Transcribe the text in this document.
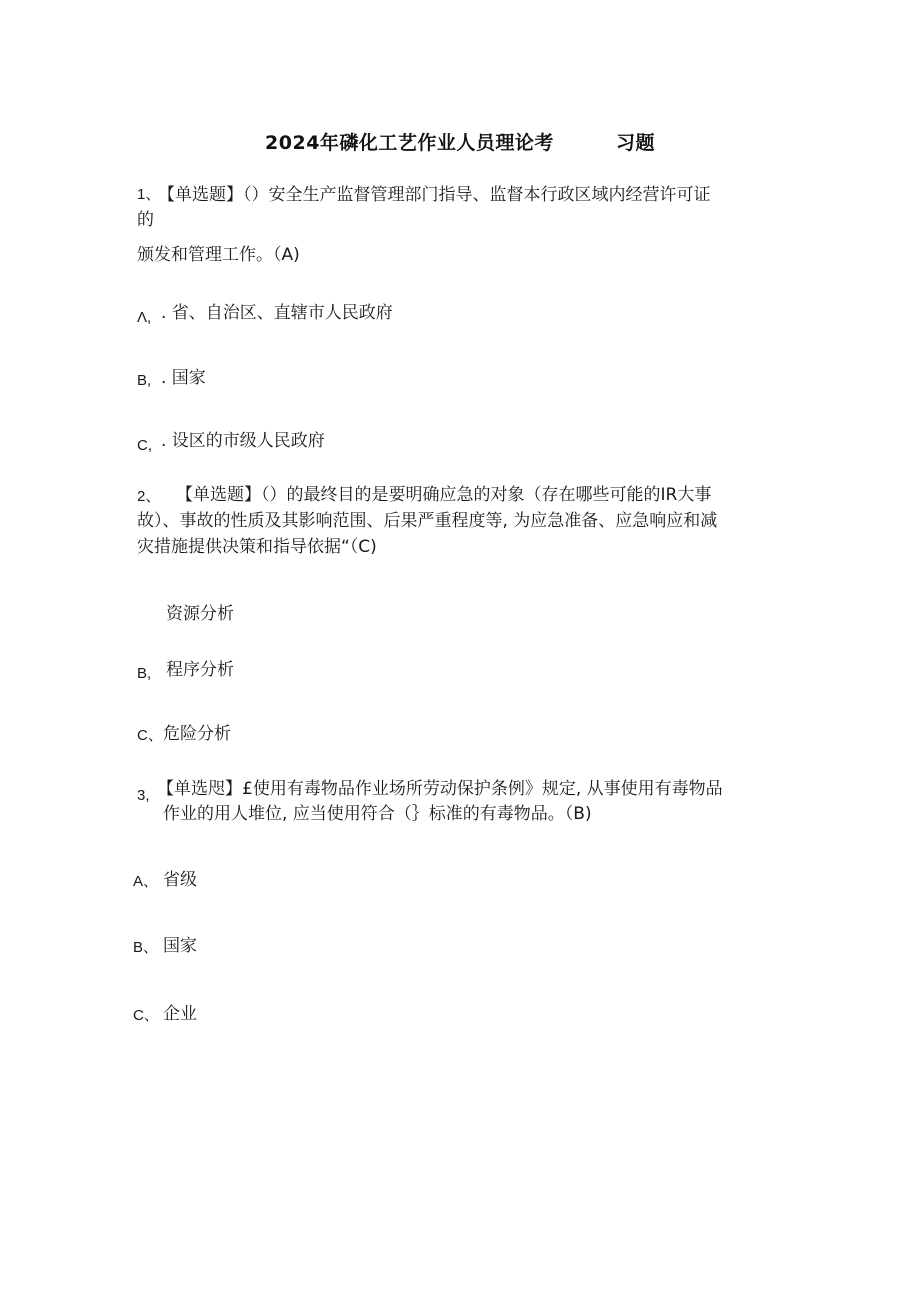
2024年磷化工艺作业人员理论考	习题
1、
【单选题】（）安全生产监督管理部门指导、监督本行政区域内经营许可证
的
颁发和管理工作。（A)
Λ, . 省、自治区、直辖市人民政府
B, . 国家
C, . 设区的市级人民政府
2、 【单选题】（）的最终目的是要明确应急的对象（存在哪些可能的IR大事
故）、事故的性质及其影响范围、后果严重程度等, 为应急准备、应急响应和减
灾措施提供决策和指导依据“（C)
资源分析
B, 程序分析
C、 危险分析
3, 【单选咫】£使用有毒物品作业场所劳动保护条例》规定, 从事使用有毒物品
作业的用人堆位, 应当使用符合（｝标准的有毒物品。（B)
A、 省级
B、 国家
C、 企业
